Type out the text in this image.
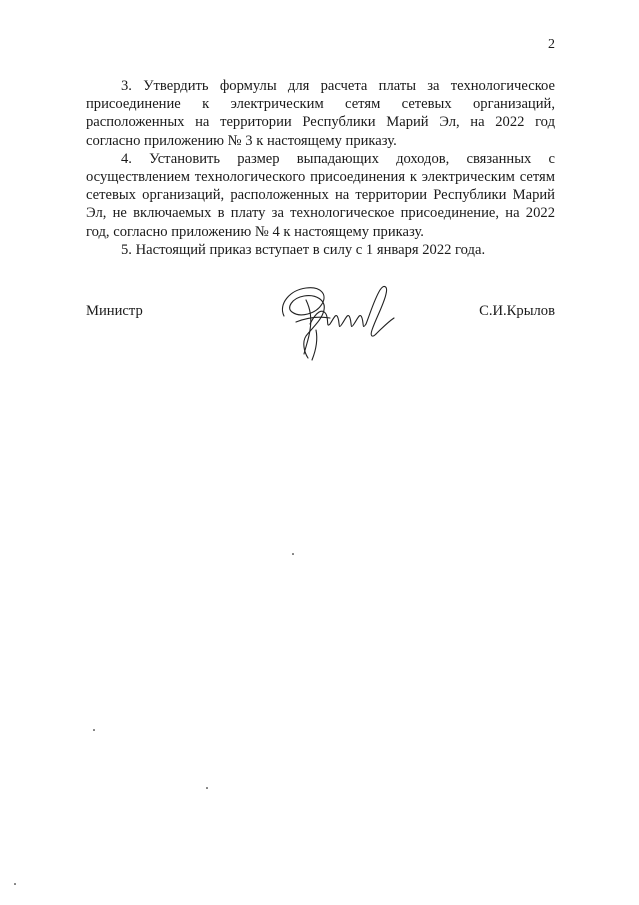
2

3. Утвердить формулы для расчета платы за технологическое присоединение к электрическим сетям сетевых организаций, расположенных на территории Республики Марий Эл, на 2022 год согласно приложению № 3 к настоящему приказу.

4. Установить размер выпадающих доходов, связанных с осуществлением технологического присоединения к электрическим сетям сетевых организаций, расположенных на территории Республики Марий Эл, не включаемых в плату за технологическое присоединение, на 2022 год, согласно приложению № 4 к настоящему приказу.

5. Настоящий приказ вступает в силу с 1 января 2022 года.

Министр	С.И.Крылов
